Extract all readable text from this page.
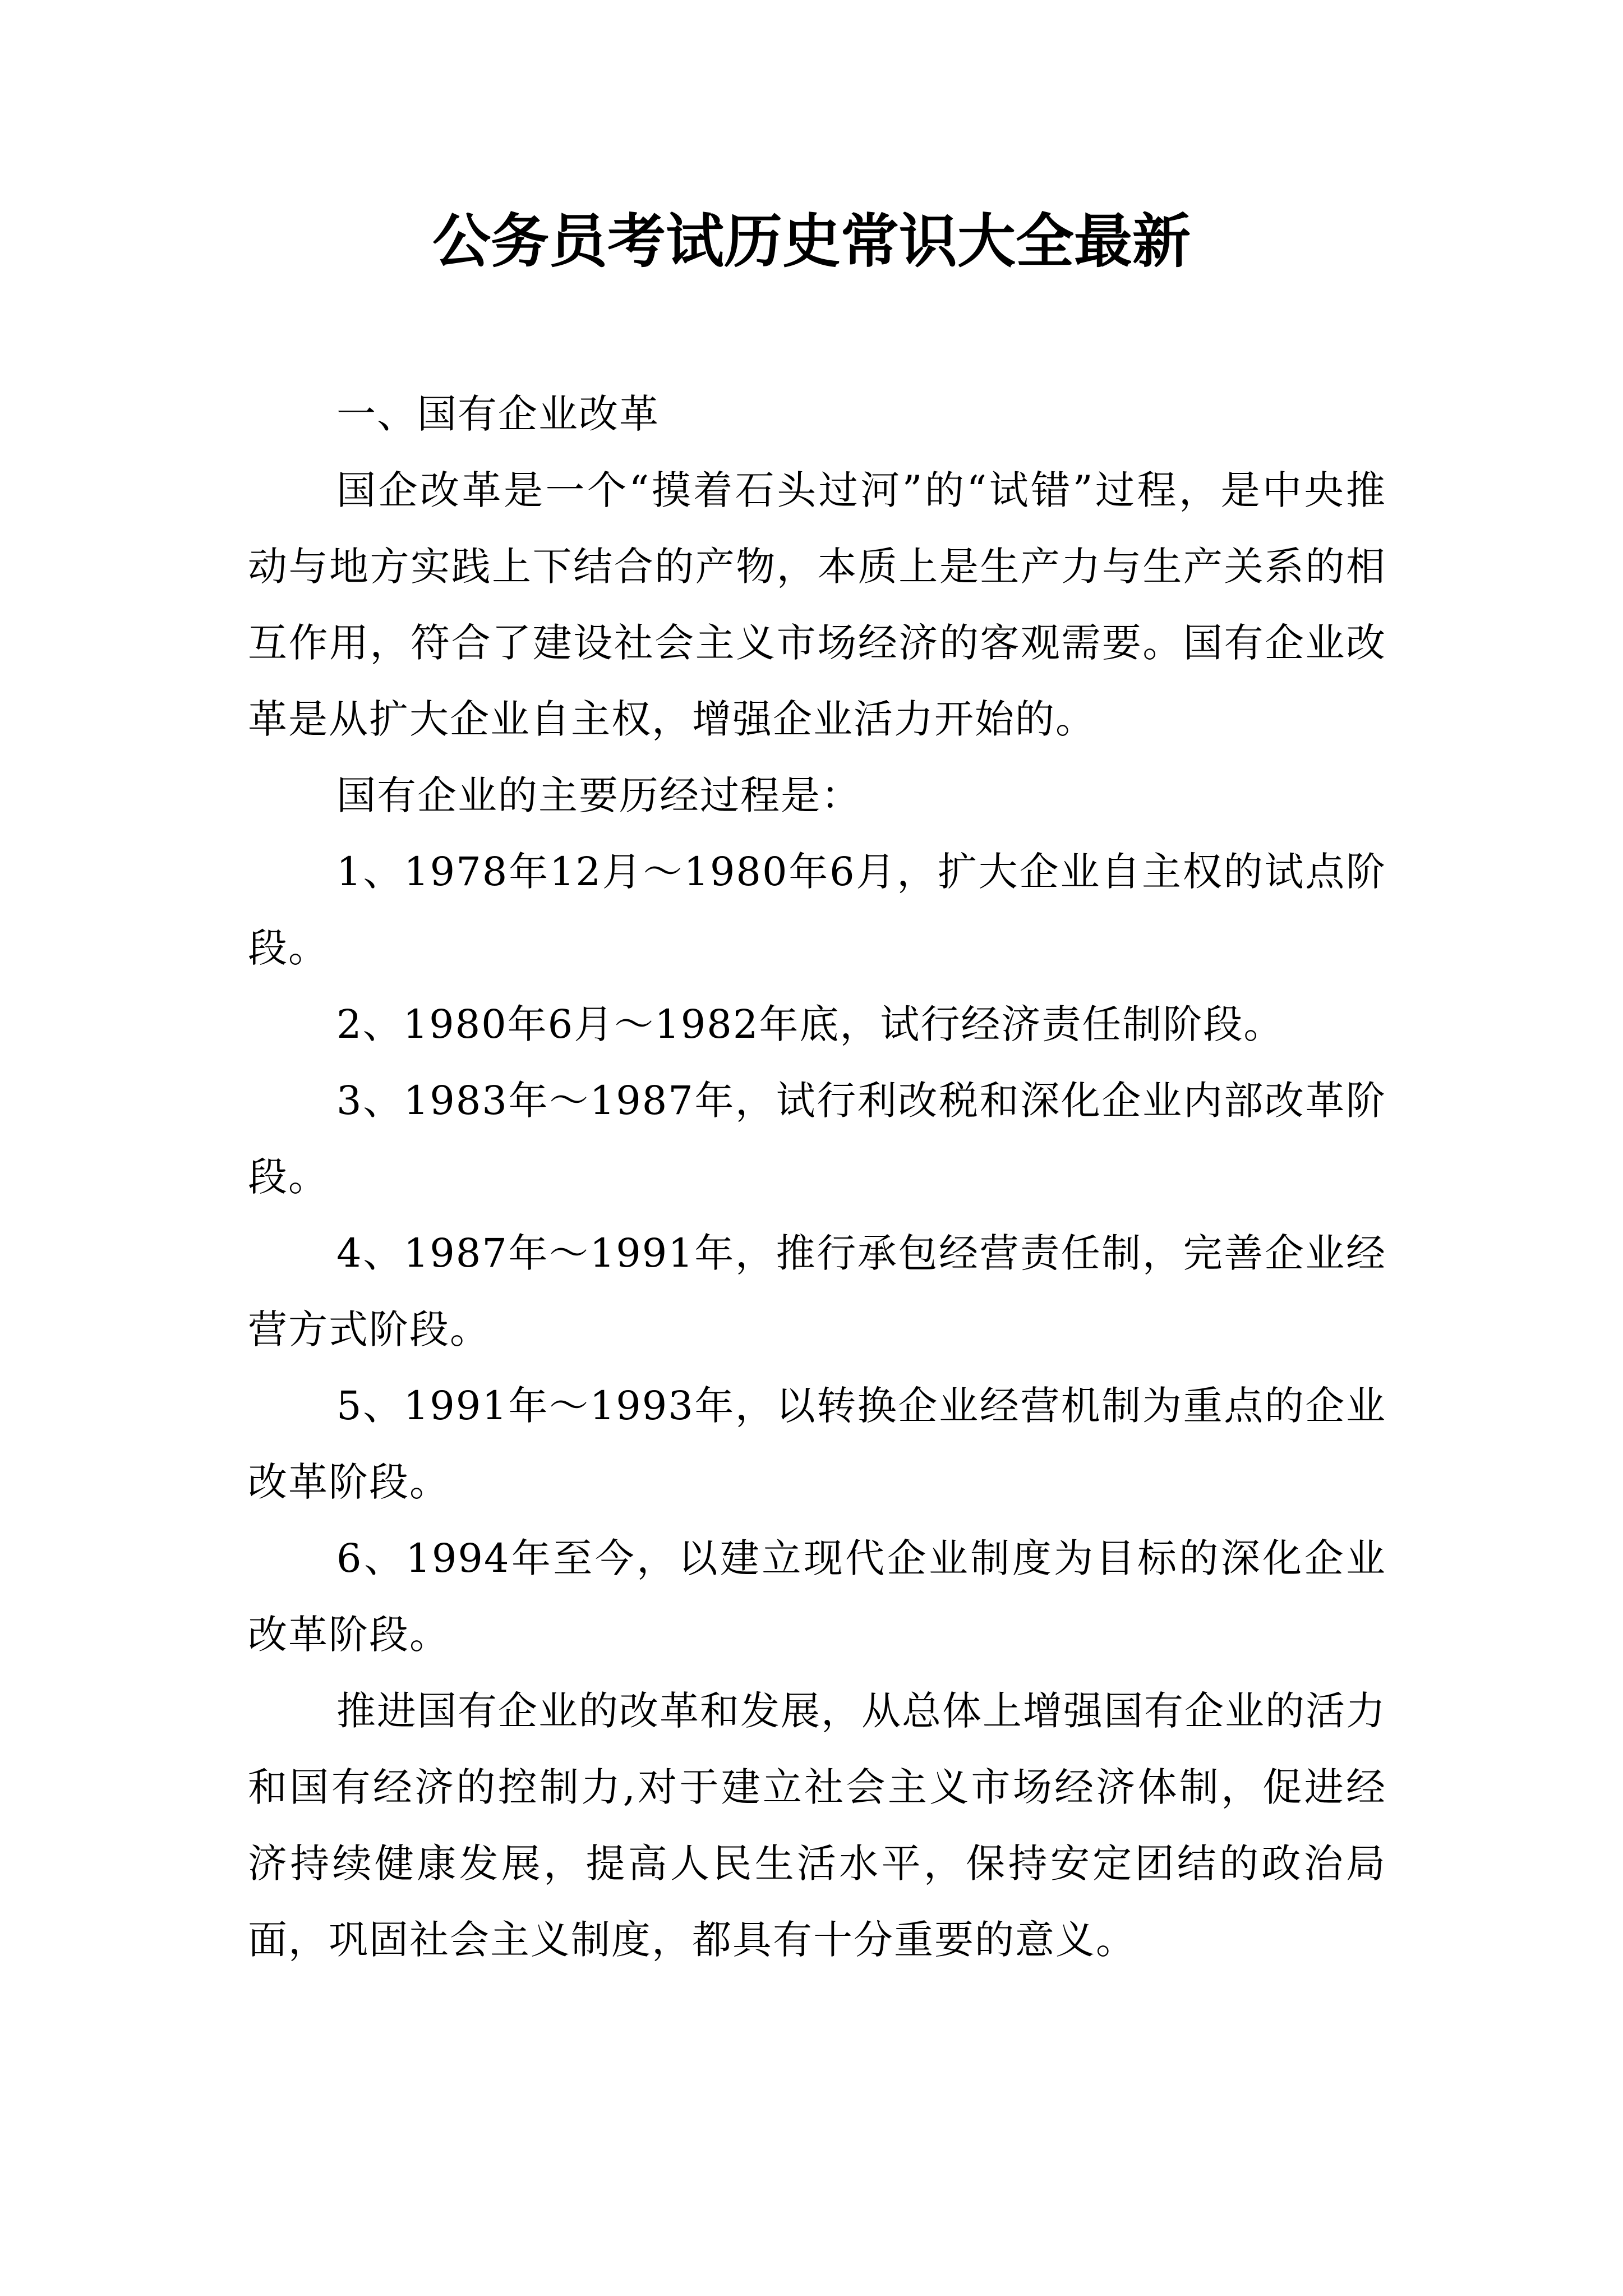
公务员考试历史常识大全最新

一、国有企业改革

国企改革是一个“摸着石头过河”的“试错”过程，是中央推动与地方实践上下结合的产物，本质上是生产力与生产关系的相互作用，符合了建设社会主义市场经济的客观需要。国有企业改革是从扩大企业自主权，增强企业活力开始的。

国有企业的主要历经过程是：

1、1978年12月～1980年6月，扩大企业自主权的试点阶段。

2、1980年6月～1982年底，试行经济责任制阶段。

3、1983年～1987年，试行利改税和深化企业内部改革阶段。

4、1987年～1991年，推行承包经营责任制，完善企业经营方式阶段。

5、1991年～1993年，以转换企业经营机制为重点的企业改革阶段。

6、1994年至今，以建立现代企业制度为目标的深化企业改革阶段。

推进国有企业的改革和发展，从总体上增强国有企业的活力和国有经济的控制力,对于建立社会主义市场经济体制，促进经济持续健康发展，提高人民生活水平，保持安定团结的政治局面，巩固社会主义制度，都具有十分重要的意义。
